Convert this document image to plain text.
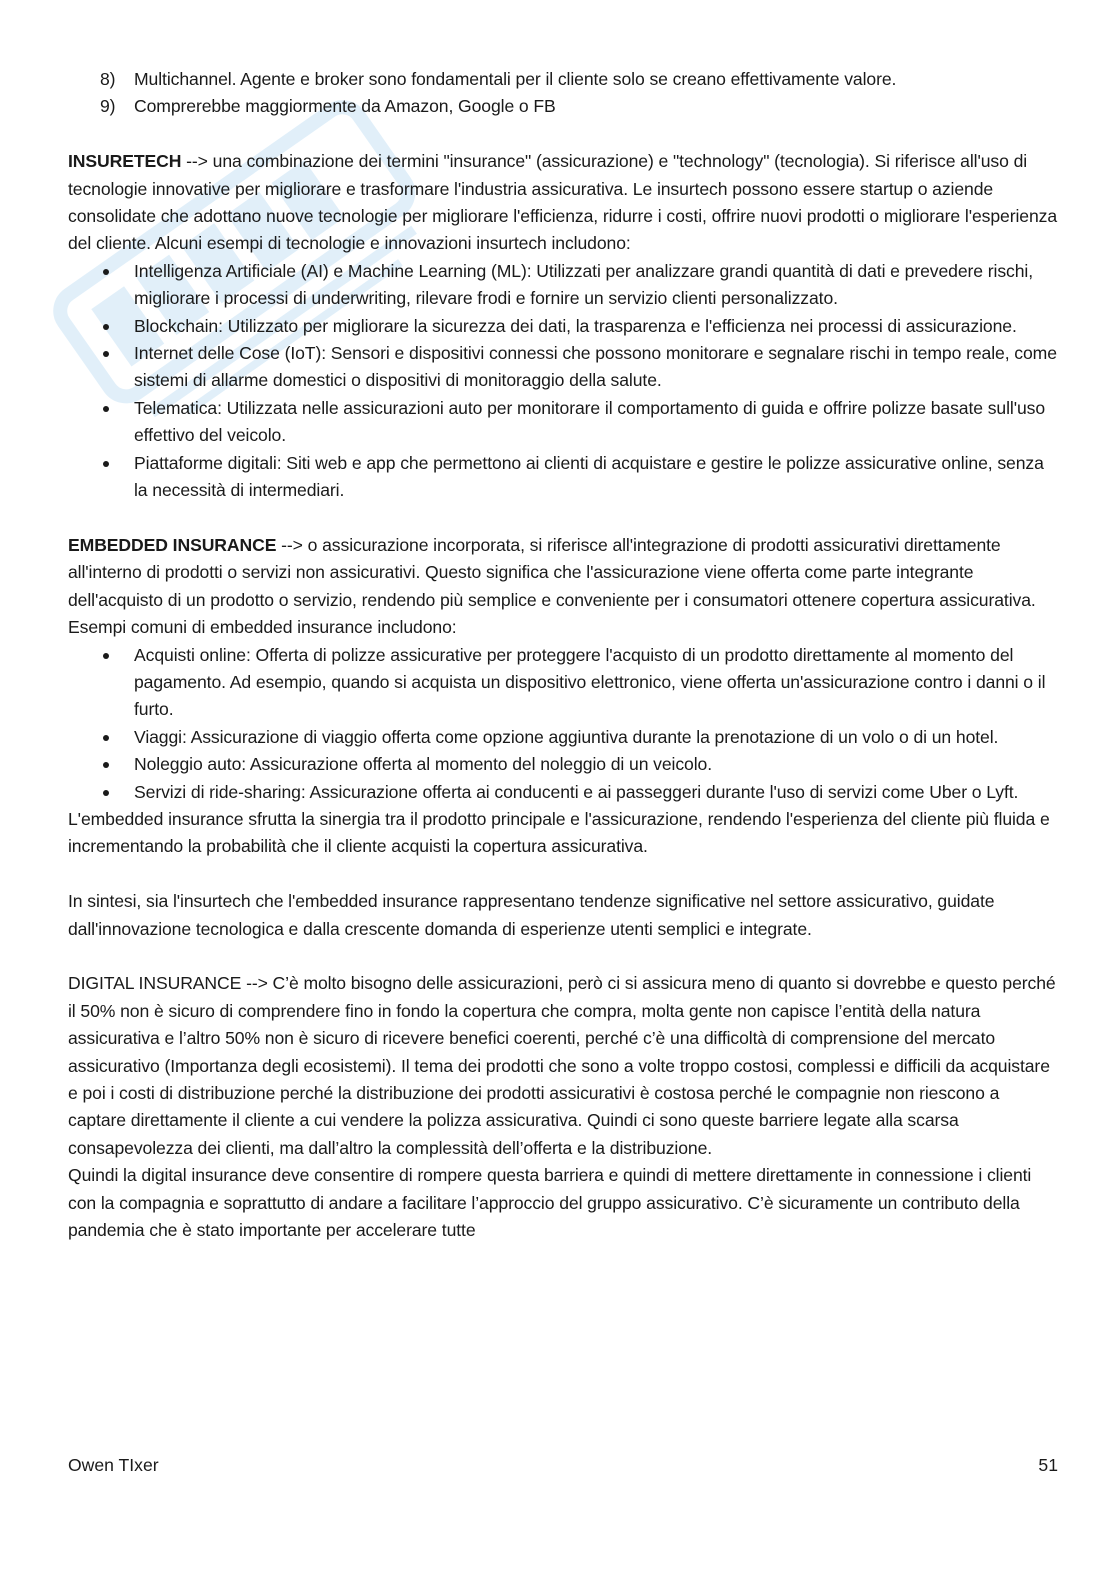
8) Multichannel. Agente e broker sono fondamentali per il cliente solo se creano effettivamente valore.
9) Comprerebbe maggiormente da Amazon, Google o FB

INSURETECH --> una combinazione dei termini "insurance" (assicurazione) e "technology" (tecnologia). Si riferisce all'uso di tecnologie innovative per migliorare e trasformare l'industria assicurativa. Le insurtech possono essere startup o aziende consolidate che adottano nuove tecnologie per migliorare l'efficienza, ridurre i costi, offrire nuovi prodotti o migliorare l'esperienza del cliente. Alcuni esempi di tecnologie e innovazioni insurtech includono:

Intelligenza Artificiale (AI) e Machine Learning (ML): Utilizzati per analizzare grandi quantità di dati e prevedere rischi, migliorare i processi di underwriting, rilevare frodi e fornire un servizio clienti personalizzato.
Blockchain: Utilizzato per migliorare la sicurezza dei dati, la trasparenza e l'efficienza nei processi di assicurazione.
Internet delle Cose (IoT): Sensori e dispositivi connessi che possono monitorare e segnalare rischi in tempo reale, come sistemi di allarme domestici o dispositivi di monitoraggio della salute.
Telematica: Utilizzata nelle assicurazioni auto per monitorare il comportamento di guida e offrire polizze basate sull'uso effettivo del veicolo.
Piattaforme digitali: Siti web e app che permettono ai clienti di acquistare e gestire le polizze assicurative online, senza la necessità di intermediari.

EMBEDDED INSURANCE --> o assicurazione incorporata, si riferisce all'integrazione di prodotti assicurativi direttamente all'interno di prodotti o servizi non assicurativi. Questo significa che l'assicurazione viene offerta come parte integrante dell'acquisto di un prodotto o servizio, rendendo più semplice e conveniente per i consumatori ottenere copertura assicurativa. Esempi comuni di embedded insurance includono:

Acquisti online: Offerta di polizze assicurative per proteggere l'acquisto di un prodotto direttamente al momento del pagamento. Ad esempio, quando si acquista un dispositivo elettronico, viene offerta un'assicurazione contro i danni o il furto.
Viaggi: Assicurazione di viaggio offerta come opzione aggiuntiva durante la prenotazione di un volo o di un hotel.
Noleggio auto: Assicurazione offerta al momento del noleggio di un veicolo.
Servizi di ride-sharing: Assicurazione offerta ai conducenti e ai passeggeri durante l'uso di servizi come Uber o Lyft.

L'embedded insurance sfrutta la sinergia tra il prodotto principale e l'assicurazione, rendendo l'esperienza del cliente più fluida e incrementando la probabilità che il cliente acquisti la copertura assicurativa.

In sintesi, sia l'insurtech che l'embedded insurance rappresentano tendenze significative nel settore assicurativo, guidate dall'innovazione tecnologica e dalla crescente domanda di esperienze utenti semplici e integrate.

DIGITAL INSURANCE --> C’è molto bisogno delle assicurazioni, però ci si assicura meno di quanto si dovrebbe e questo perché il 50% non è sicuro di comprendere fino in fondo la copertura che compra, molta gente non capisce l’entità della natura assicurativa e l’altro 50% non è sicuro di ricevere benefici coerenti, perché c’è una difficoltà di comprensione del mercato assicurativo (Importanza degli ecosistemi). Il tema dei prodotti che sono a volte troppo costosi, complessi e difficili da acquistare e poi i costi di distribuzione perché la distribuzione dei prodotti assicurativi è costosa perché le compagnie non riescono a captare direttamente il cliente a cui vendere la polizza assicurativa. Quindi ci sono queste barriere legate alla scarsa consapevolezza dei clienti, ma dall’altro la complessità dell’offerta e la distribuzione.

Quindi la digital insurance deve consentire di rompere questa barriera e quindi di mettere direttamente in connessione i clienti con la compagnia e soprattutto di andare a facilitare l’approccio del gruppo assicurativo. C’è sicuramente un contributo della pandemia che è stato importante per accelerare tutte

Owen TIxer	51
